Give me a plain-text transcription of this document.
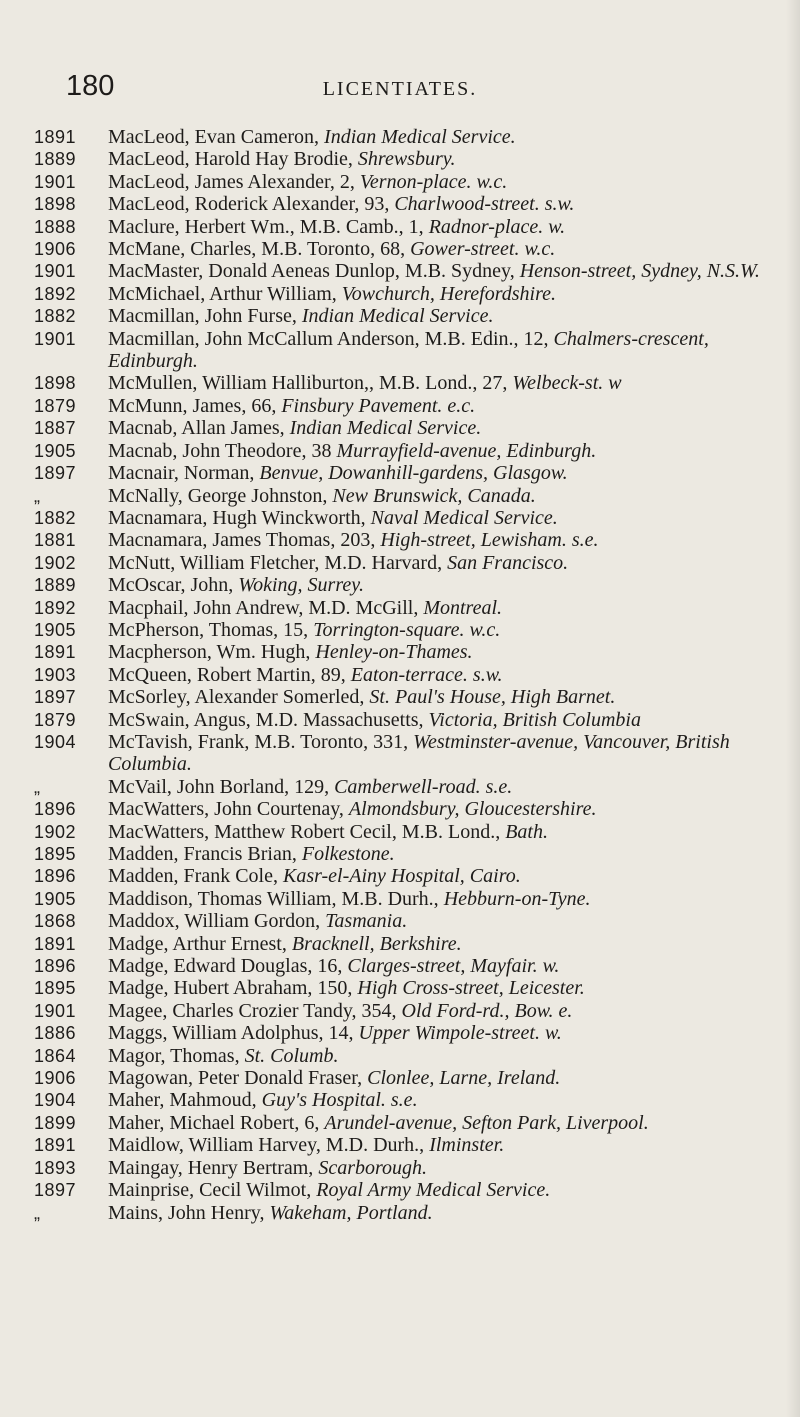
180	LICENTIATES.
1891	MacLeod, Evan Cameron, Indian Medical Service.
1889	MacLeod, Harold Hay Brodie, Shrewsbury.
1901	MacLeod, James Alexander, 2, Vernon-place. w.c.
1898	MacLeod, Roderick Alexander, 93, Charlwood-street. s.w.
1888	Maclure, Herbert Wm., M.B. Camb., 1, Radnor-place. w.
1906	McMane, Charles, M.B. Toronto, 68, Gower-street. w.c.
1901	MacMaster, Donald Aeneas Dunlop, M.B. Sydney, Henson-street, Sydney, N.S.W.
1892	McMichael, Arthur William, Vowchurch, Herefordshire.
1882	Macmillan, John Furse, Indian Medical Service.
1901	Macmillan, John McCallum Anderson, M.B. Edin., 12, Chalmers-crescent, Edinburgh.
1898	McMullen, William Halliburton,, M.B. Lond., 27, Welbeck-st. w
1879	McMunn, James, 66, Finsbury Pavement. e.c.
1887	Macnab, Allan James, Indian Medical Service.
1905	Macnab, John Theodore, 38 Murrayfield-avenue, Edinburgh.
1897	Macnair, Norman, Benvue, Dowanhill-gardens, Glasgow.
„	McNally, George Johnston, New Brunswick, Canada.
1882	Macnamara, Hugh Winckworth, Naval Medical Service.
1881	Macnamara, James Thomas, 203, High-street, Lewisham. s.e.
1902	McNutt, William Fletcher, M.D. Harvard, San Francisco.
1889	McOscar, John, Woking, Surrey.
1892	Macphail, John Andrew, M.D. McGill, Montreal.
1905	McPherson, Thomas, 15, Torrington-square. w.c.
1891	Macpherson, Wm. Hugh, Henley-on-Thames.
1903	McQueen, Robert Martin, 89, Eaton-terrace. s.w.
1897	McSorley, Alexander Somerled, St. Paul's House, High Barnet.
1879	McSwain, Angus, M.D. Massachusetts, Victoria, British Columbia
1904	McTavish, Frank, M.B. Toronto, 331, Westminster-avenue, Vancouver, British Columbia.
„	McVail, John Borland, 129, Camberwell-road. s.e.
1896	MacWatters, John Courtenay, Almondsbury, Gloucestershire.
1902	MacWatters, Matthew Robert Cecil, M.B. Lond., Bath.
1895	Madden, Francis Brian, Folkestone.
1896	Madden, Frank Cole, Kasr-el-Ainy Hospital, Cairo.
1905	Maddison, Thomas William, M.B. Durh., Hebburn-on-Tyne.
1868	Maddox, William Gordon, Tasmania.
1891	Madge, Arthur Ernest, Bracknell, Berkshire.
1896	Madge, Edward Douglas, 16, Clarges-street, Mayfair. w.
1895	Madge, Hubert Abraham, 150, High Cross-street, Leicester.
1901	Magee, Charles Crozier Tandy, 354, Old Ford-rd., Bow. e.
1886	Maggs, William Adolphus, 14, Upper Wimpole-street. w.
1864	Magor, Thomas, St. Columb.
1906	Magowan, Peter Donald Fraser, Clonlee, Larne, Ireland.
1904	Maher, Mahmoud, Guy's Hospital. s.e.
1899	Maher, Michael Robert, 6, Arundel-avenue, Sefton Park, Liverpool.
1891	Maidlow, William Harvey, M.D. Durh., Ilminster.
1893	Maingay, Henry Bertram, Scarborough.
1897	Mainprise, Cecil Wilmot, Royal Army Medical Service.
„	Mains, John Henry, Wakeham, Portland.
